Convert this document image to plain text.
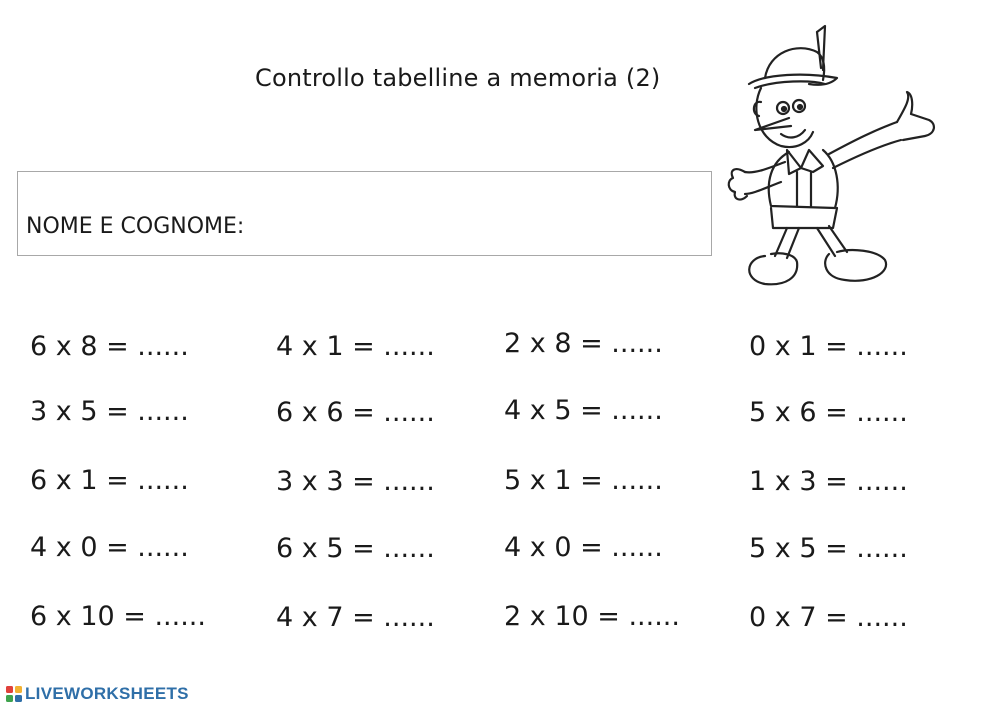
Controllo tabelline a memoria (2)
NOME E COGNOME:
6 x 8 = ......	4 x 1 = ......	2 x 8 = ......	0 x 1 = ......
3 x 5 = ......	6 x 6 = ......	4 x 5 = ......	5 x 6 = ......
6 x 1 = ......	3 x 3 = ......	5 x 1 = ......	1 x 3 = ......
4 x 0 = ......	6 x 5 = ......	4 x 0 = ......	5 x 5 = ......
6 x 10 = ......	4 x 7 = ......	2 x 10 = ......	0 x 7 = ......
LIVEWORKSHEETS
